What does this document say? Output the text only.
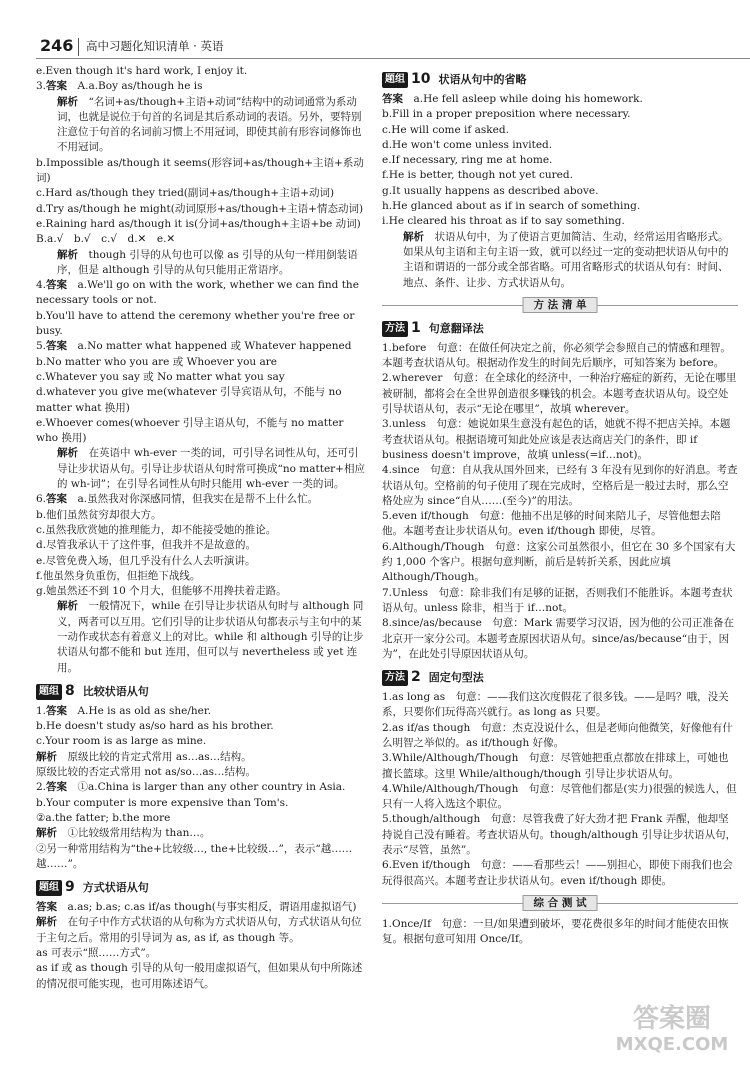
246 高中习题化知识清单 · 英语

e.Even though it's hard work, I enjoy it.

3.答案　A.a.Boy as/though he is

解析　“名词+as/though+主语+动词”结构中的动词通常为系动词，也就是说位于句首的名词是其后系动词的表语。另外，要特别注意位于句首的名词前习惯上不用冠词，即使其前有形容词修饰也不用冠词。

b.Impossible as/though it seems(形容词+as/though+主语+系动词)

c.Hard as/though they tried(副词+as/though+主语+动词)

d.Try as/though he might(动词原形+as/though+主语+情态动词)

e.Raining hard as/though it is(分词+as/though+主语+be 动词)

B.a.√　b.√　c.√　d.✕　e.✕

解析　though 引导的从句也可以像 as 引导的从句一样用倒装语序，但是 although 引导的从句只能用正常语序。

4.答案　a.We'll go on with the work, whether we can find the necessary tools or not.

b.You'll have to attend the ceremony whether you're free or busy.

5.答案　a.No matter what happened 或 Whatever happened

b.No matter who you are 或 Whoever you are

c.Whatever you say 或 No matter what you say

d.whatever you give me(whatever 引导宾语从句，不能与 no matter what 换用)

e.Whoever comes(whoever 引导主语从句，不能与 no matter who 换用)

解析　在英语中 wh-ever 一类的词，可引导名词性从句，还可引导让步状语从句。引导让步状语从句时常可换成“no matter+相应的 wh-词”；在引导名词性从句时只能用 wh-ever 一类的词。

6.答案　a.虽然我对你深感同情，但我实在是帮不上什么忙。

b.他们虽然贫穷却很大方。

c.虽然我欣赏她的推理能力，却不能接受她的推论。

d.尽管我承认干了这件事，但我并不是故意的。

e.尽管免费入场，但几乎没有什么人去听演讲。

f.他虽然身负重伤，但拒绝下战线。

g.她虽然还不到 10 个月大，但能够不用搀扶着走路。

解析　一般情况下，while 在引导让步状语从句时与 although 同义，两者可以互用。它们引导的让步状语从句都表示与主句中的某一动作或状态有着意义上的对比。while 和 although 引导的让步状语从句都不能和 but 连用，但可以与 nevertheless 或 yet 连用。

题组 8 比较状语从句

1.答案　A.He is as old as she/her.

b.He doesn't study as/so hard as his brother.

c.Your room is as large as mine.

解析　原级比较的肯定式常用 as…as…结构。

原级比较的否定式常用 not as/so…as…结构。

2.答案　①a.China is larger than any other country in Asia.

b.Your computer is more expensive than Tom's.

②a.the fatter; b.the more

解析　①比较级常用结构为 than…。

②另一种常用结构为“the+比较级…, the+比较级…”，表示“越……越……”。

题组 9 方式状语从句

答案　a.as; b.as; c.as if/as though(与事实相反，谓语用虚拟语气)

解析　在句子中作方式状语的从句称为方式状语从句，方式状语从句位于主句之后。常用的引导词为 as, as if, as though 等。

as 可表示“照……方式”。

as if 或 as though 引导的从句一般用虚拟语气，但如果从句中所陈述的情况很可能实现，也可用陈述语气。

题组 10 状语从句中的省略

答案　a.He fell asleep while doing his homework.

b.Fill in a proper preposition where necessary.

c.He will come if asked.

d.He won't come unless invited.

e.If necessary, ring me at home.

f.He is better, though not yet cured.

g.It usually happens as described above.

h.He glanced about as if in search of something.

i.He cleared his throat as if to say something.

解析　状语从句中，为了使语言更加简洁、生动，经常运用省略形式。如果从句主语和主句主语一致，就可以经过一定的变动把状语从句中的主语和谓语的一部分或全部省略。可用省略形式的状语从句有：时间、地点、条件、让步、方式状语从句。

方 法 清 单
方法 1 句意翻译法

1.before　句意：在做任何决定之前，你必须学会参照自己的情感和理智。本题考查状语从句。根据动作发生的时间先后顺序，可知答案为 before。

2.wherever　句意：在全球化的经济中，一种治疗癌症的新药，无论在哪里被研制，都将会在全世界创造很多赚钱的机会。本题考查状语从句。设空处引导状语从句，表示“无论在哪里”，故填 wherever。

3.unless　句意：她说如果生意没有起色的话，她就不得不把店关掉。本题考查状语从句。根据语境可知此处应该是表达商店关门的条件，即 if business doesn't improve，故填 unless(=if…not)。

4.since　句意：自从我从国外回来，已经有 3 年没有见到你的好消息。考查状语从句。空格前的句子使用了现在完成时，空格后是一般过去时，那么空格处应为 since“自从……(至今)”的用法。

5.even if/though　句意：他抽不出足够的时间来陪儿子，尽管他想去陪他。本题考查让步状语从句。even if/though 即使，尽管。

6.Although/Though　句意：这家公司虽然很小，但它在 30 多个国家有大约 1,000 个客户。根据句意判断，前后是转折关系，因此应填 Although/Though。

7.Unless　句意：除非我们有足够的证据，否则我们不能胜诉。本题考查状语从句。unless 除非，相当于 if…not。

8.since/as/because　句意：Mark 需要学习汉语，因为他的公司正准备在北京开一家分公司。本题考查原因状语从句。since/as/because“由于，因为”，在此处引导原因状语从句。

方法 2 固定句型法

1.as long as　句意：——我们这次度假花了很多钱。——是吗？哦，没关系，只要你们玩得高兴就行。as long as 只要。

2.as if/as though　句意：杰克没说什么，但是老师向他微笑，好像他有什么明智之举似的。as if/though 好像。

3.While/Although/Though　句意：尽管她把重点都放在排球上，可她也擅长篮球。这里 While/although/though 引导让步状语从句。

4.While/Although/Though　句意：尽管他们都是(实力)很强的候选人，但只有一人将入选这个职位。

5.though/although　句意：尽管我费了好大劲才把 Frank 弄醒，他却坚持说自己没有睡着。考查状语从句。though/although 引导让步状语从句，表示“尽管，虽然”。

6.Even if/though　句意：——看那些云！——别担心，即使下雨我们也会玩得很高兴。本题考查让步状语从句。even if/though 即使。

综 合 测 试

1.Once/If　句意：一旦/如果遭到破坏，要花费很多年的时间才能使农田恢复。根据句意可知用 Once/If。

答案圈
MXQE.COM
